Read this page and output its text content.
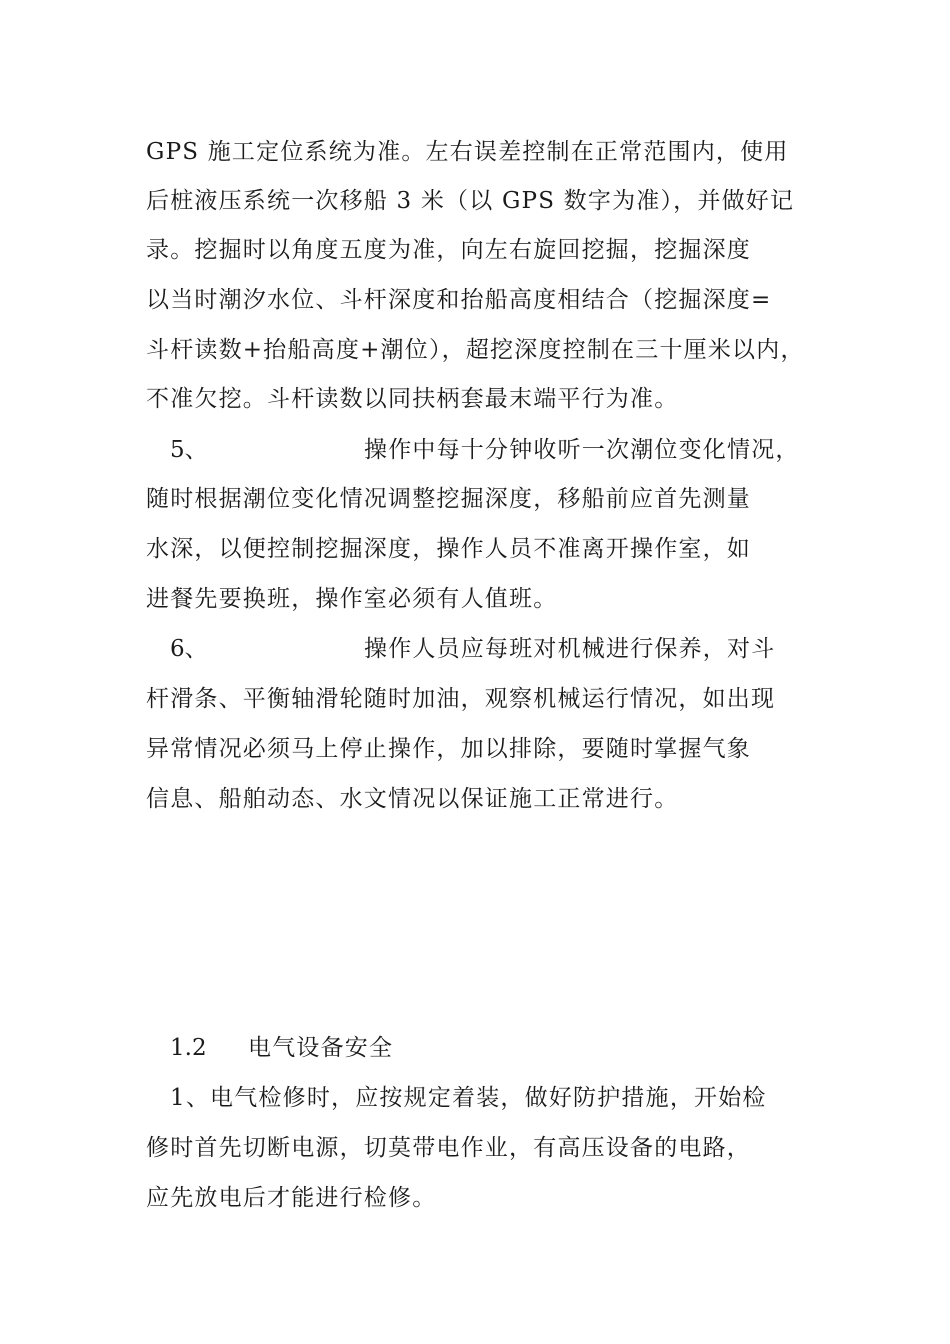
GPS 施工定位系统为准。左右误差控制在正常范围内，使用
后桩液压系统一次移船 3 米（以 GPS 数字为准），并做好记
录。挖掘时以角度五度为准，向左右旋回挖掘，挖掘深度
以当时潮汐水位、斗杆深度和抬船高度相结合（挖掘深度=
斗杆读数+抬船高度+潮位），超挖深度控制在三十厘米以内，
不准欠挖。斗杆读数以同扶柄套最末端平行为准。
5、	操作中每十分钟收听一次潮位变化情况，
随时根据潮位变化情况调整挖掘深度，移船前应首先测量
水深，以便控制挖掘深度，操作人员不准离开操作室，如
进餐先要换班，操作室必须有人值班。
6、	操作人员应每班对机械进行保养，对斗
杆滑条、平衡轴滑轮随时加油，观察机械运行情况，如出现
异常情况必须马上停止操作，加以排除，要随时掌握气象
信息、船舶动态、水文情况以保证施工正常进行。
1.2 电气设备安全
1、电气检修时，应按规定着装，做好防护措施，开始检
修时首先切断电源，切莫带电作业，有高压设备的电路，
应先放电后才能进行检修。
